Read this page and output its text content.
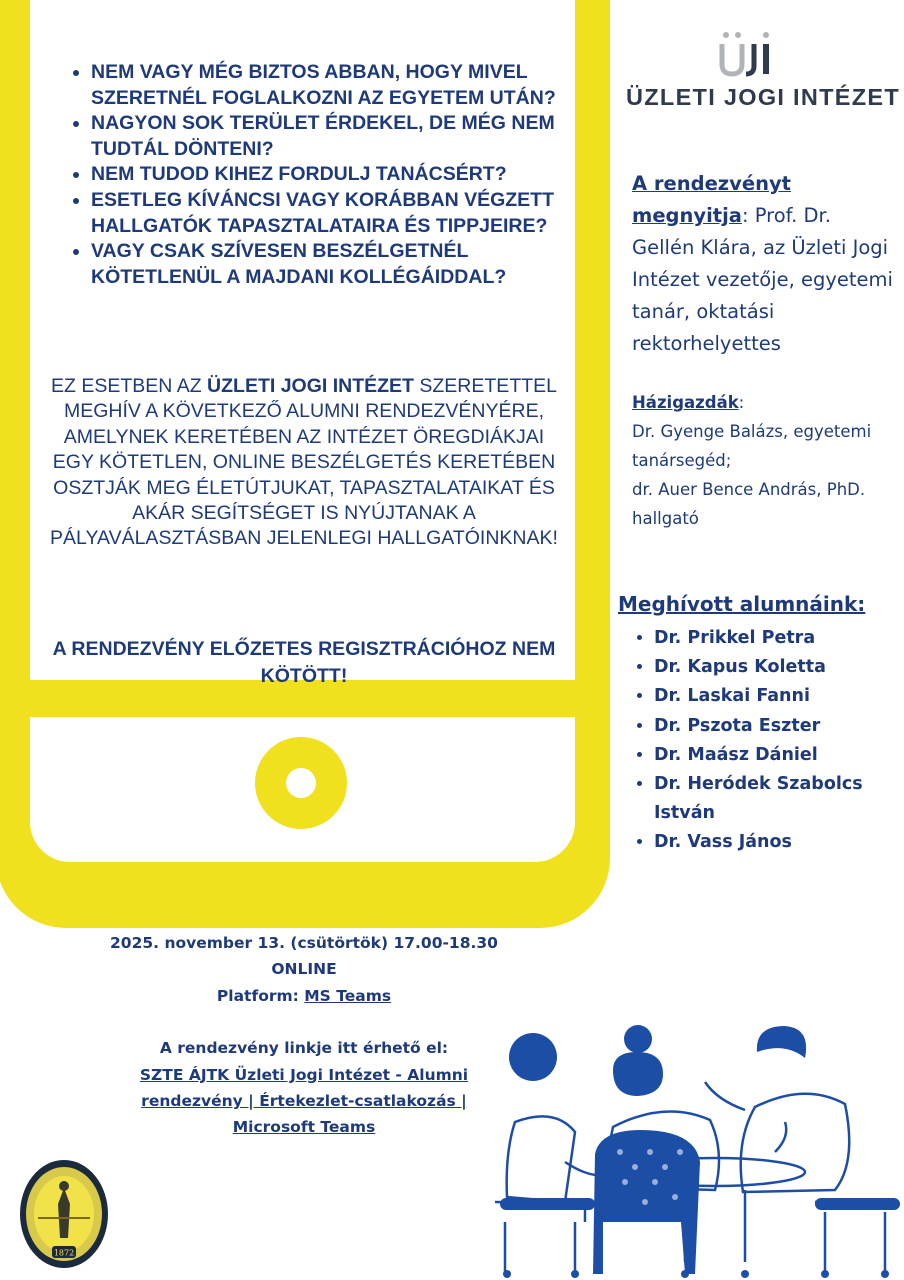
• NEM VAGY MÉG BIZTOS ABBAN, HOGY MIVEL SZERETNÉL FOGLALKOZNI AZ EGYETEM UTÁN?
• NAGYON SOK TERÜLET ÉRDEKEL, DE MÉG NEM TUDTÁL DÖNTENI?
• NEM TUDOD KIHEZ FORDULJ TANÁCSÉRT?
• ESETLEG KÍVÁNCSI VAGY KORÁBBAN VÉGZETT HALLGATÓK TAPASZTALATAIRA ÉS TIPPJEIRE?
• VAGY CSAK SZÍVESEN BESZÉLGETNÉL KÖTETLENÜL A MAJDANI KOLLÉGÁIDDAL?

EZ ESETBEN AZ ÜZLETI JOGI INTÉZET SZERETETTEL MEGHÍV A KÖVETKEZŐ ALUMNI RENDEZVÉNYÉRE, AMELYNEK KERETÉBEN AZ INTÉZET ÖREGDIÁKJAI EGY KÖTETLEN, ONLINE BESZÉLGETÉS KERETÉBEN OSZTJÁK MEG ÉLETÚTJUKAT, TAPASZTALATAIKAT ÉS AKÁR SEGÍTSÉGET IS NYÚJTANAK A PÁLYAVÁLASZTÁSBAN JELENLEGI HALLGATÓINKNAK!

A RENDEZVÉNY ELŐZETES REGISZTRÁCIÓHOZ NEM KÖTÖTT!

ÜJI
ÜZLETI JOGI INTÉZET

A rendezvényt megnyitja: Prof. Dr. Gellén Klára, az Üzleti Jogi Intézet vezetője, egyetemi tanár, oktatási rektorhelyettes

Házigazdák:
Dr. Gyenge Balázs, egyetemi tanársegéd;
dr. Auer Bence András, PhD. hallgató
Meghívott alumnáink:
• Dr. Prikkel Petra
• Dr. Kapus Koletta
• Dr. Laskai Fanni
• Dr. Pszota Eszter
• Dr. Maász Dániel
• Dr. Heródek Szabolcs István
• Dr. Vass János
2025. november 13. (csütörtök) 17.00-18.30
ONLINE
Platform: MS Teams
A rendezvény linkje itt érhető el:
SZTE ÁJTK Üzleti Jogi Intézet - Alumni rendezvény | Értekezlet-csatlakozás | Microsoft Teams
1872
